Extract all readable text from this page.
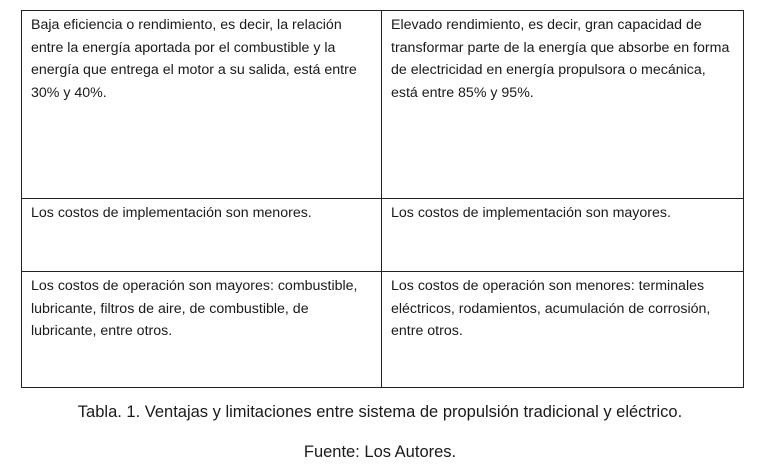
Baja eficiencia o rendimiento, es decir, la relación entre la energía aportada por el combustible y la energía que entrega el motor a su salida, está entre 30% y 40%.	Elevado rendimiento, es decir, gran capacidad de transformar parte de la energía que absorbe en forma de electricidad en energía propulsora o mecánica, está entre 85% y 95%.

Los costos de implementación son menores.	Los costos de implementación son mayores.

Los costos de operación son mayores: combustible, lubricante, filtros de aire, de combustible, de lubricante, entre otros.	Los costos de operación son menores: terminales eléctricos, rodamientos, acumulación de corrosión, entre otros.
Tabla. 1. Ventajas y limitaciones entre sistema de propulsión tradicional y eléctrico.
Fuente: Los Autores.
